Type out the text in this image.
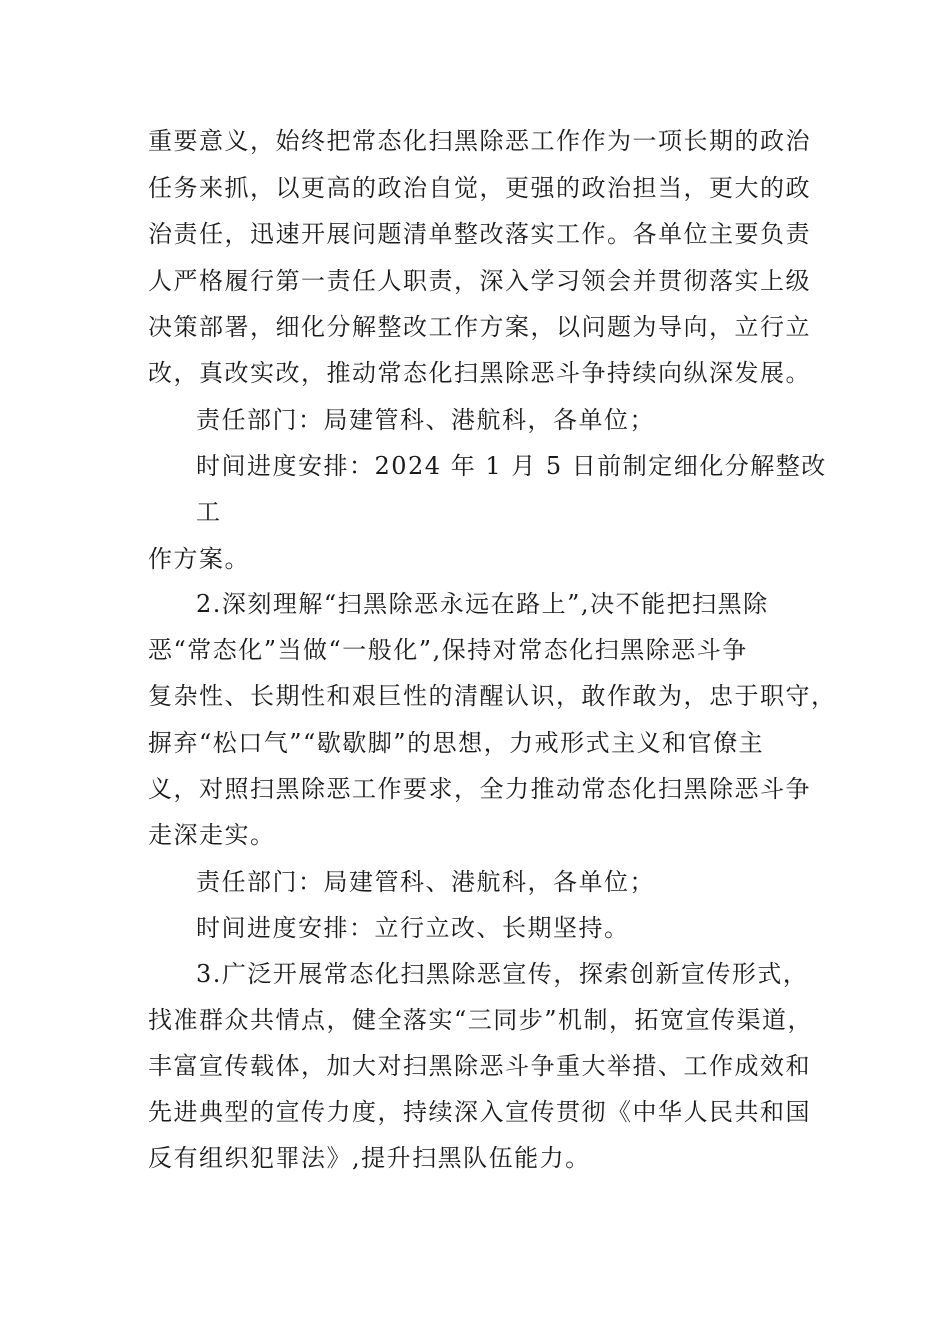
重要意义，始终把常态化扫黑除恶工作作为一项长期的政治
任务来抓，以更高的政治自觉，更强的政治担当，更大的政
治责任，迅速开展问题清单整改落实工作。各单位主要负责
人严格履行第一责任人职责，深入学习领会并贯彻落实上级
决策部署，细化分解整改工作方案，以问题为导向，立行立
改，真改实改，推动常态化扫黑除恶斗争持续向纵深发展。
责任部门：局建管科、港航科，各单位；
时间进度安排：2024 年 1 月 5 日前制定细化分解整改
工
作方案。
2.深刻理解“扫黑除恶永远在路上”,决不能把扫黑除
恶“常态化”当做“一般化”,保持对常态化扫黑除恶斗争
复杂性、长期性和艰巨性的清醒认识，敢作敢为，忠于职守，
摒弃“松口气”“歇歇脚”的思想，力戒形式主义和官僚主
义，对照扫黑除恶工作要求，全力推动常态化扫黑除恶斗争
走深走实。
责任部门：局建管科、港航科，各单位；
时间进度安排：立行立改、长期坚持。
3.广泛开展常态化扫黑除恶宣传，探索创新宣传形式，
找准群众共情点，健全落实“三同步”机制，拓宽宣传渠道，
丰富宣传载体，加大对扫黑除恶斗争重大举措、工作成效和
先进典型的宣传力度，持续深入宣传贯彻《中华人民共和国
反有组织犯罪法》,提升扫黑队伍能力。
